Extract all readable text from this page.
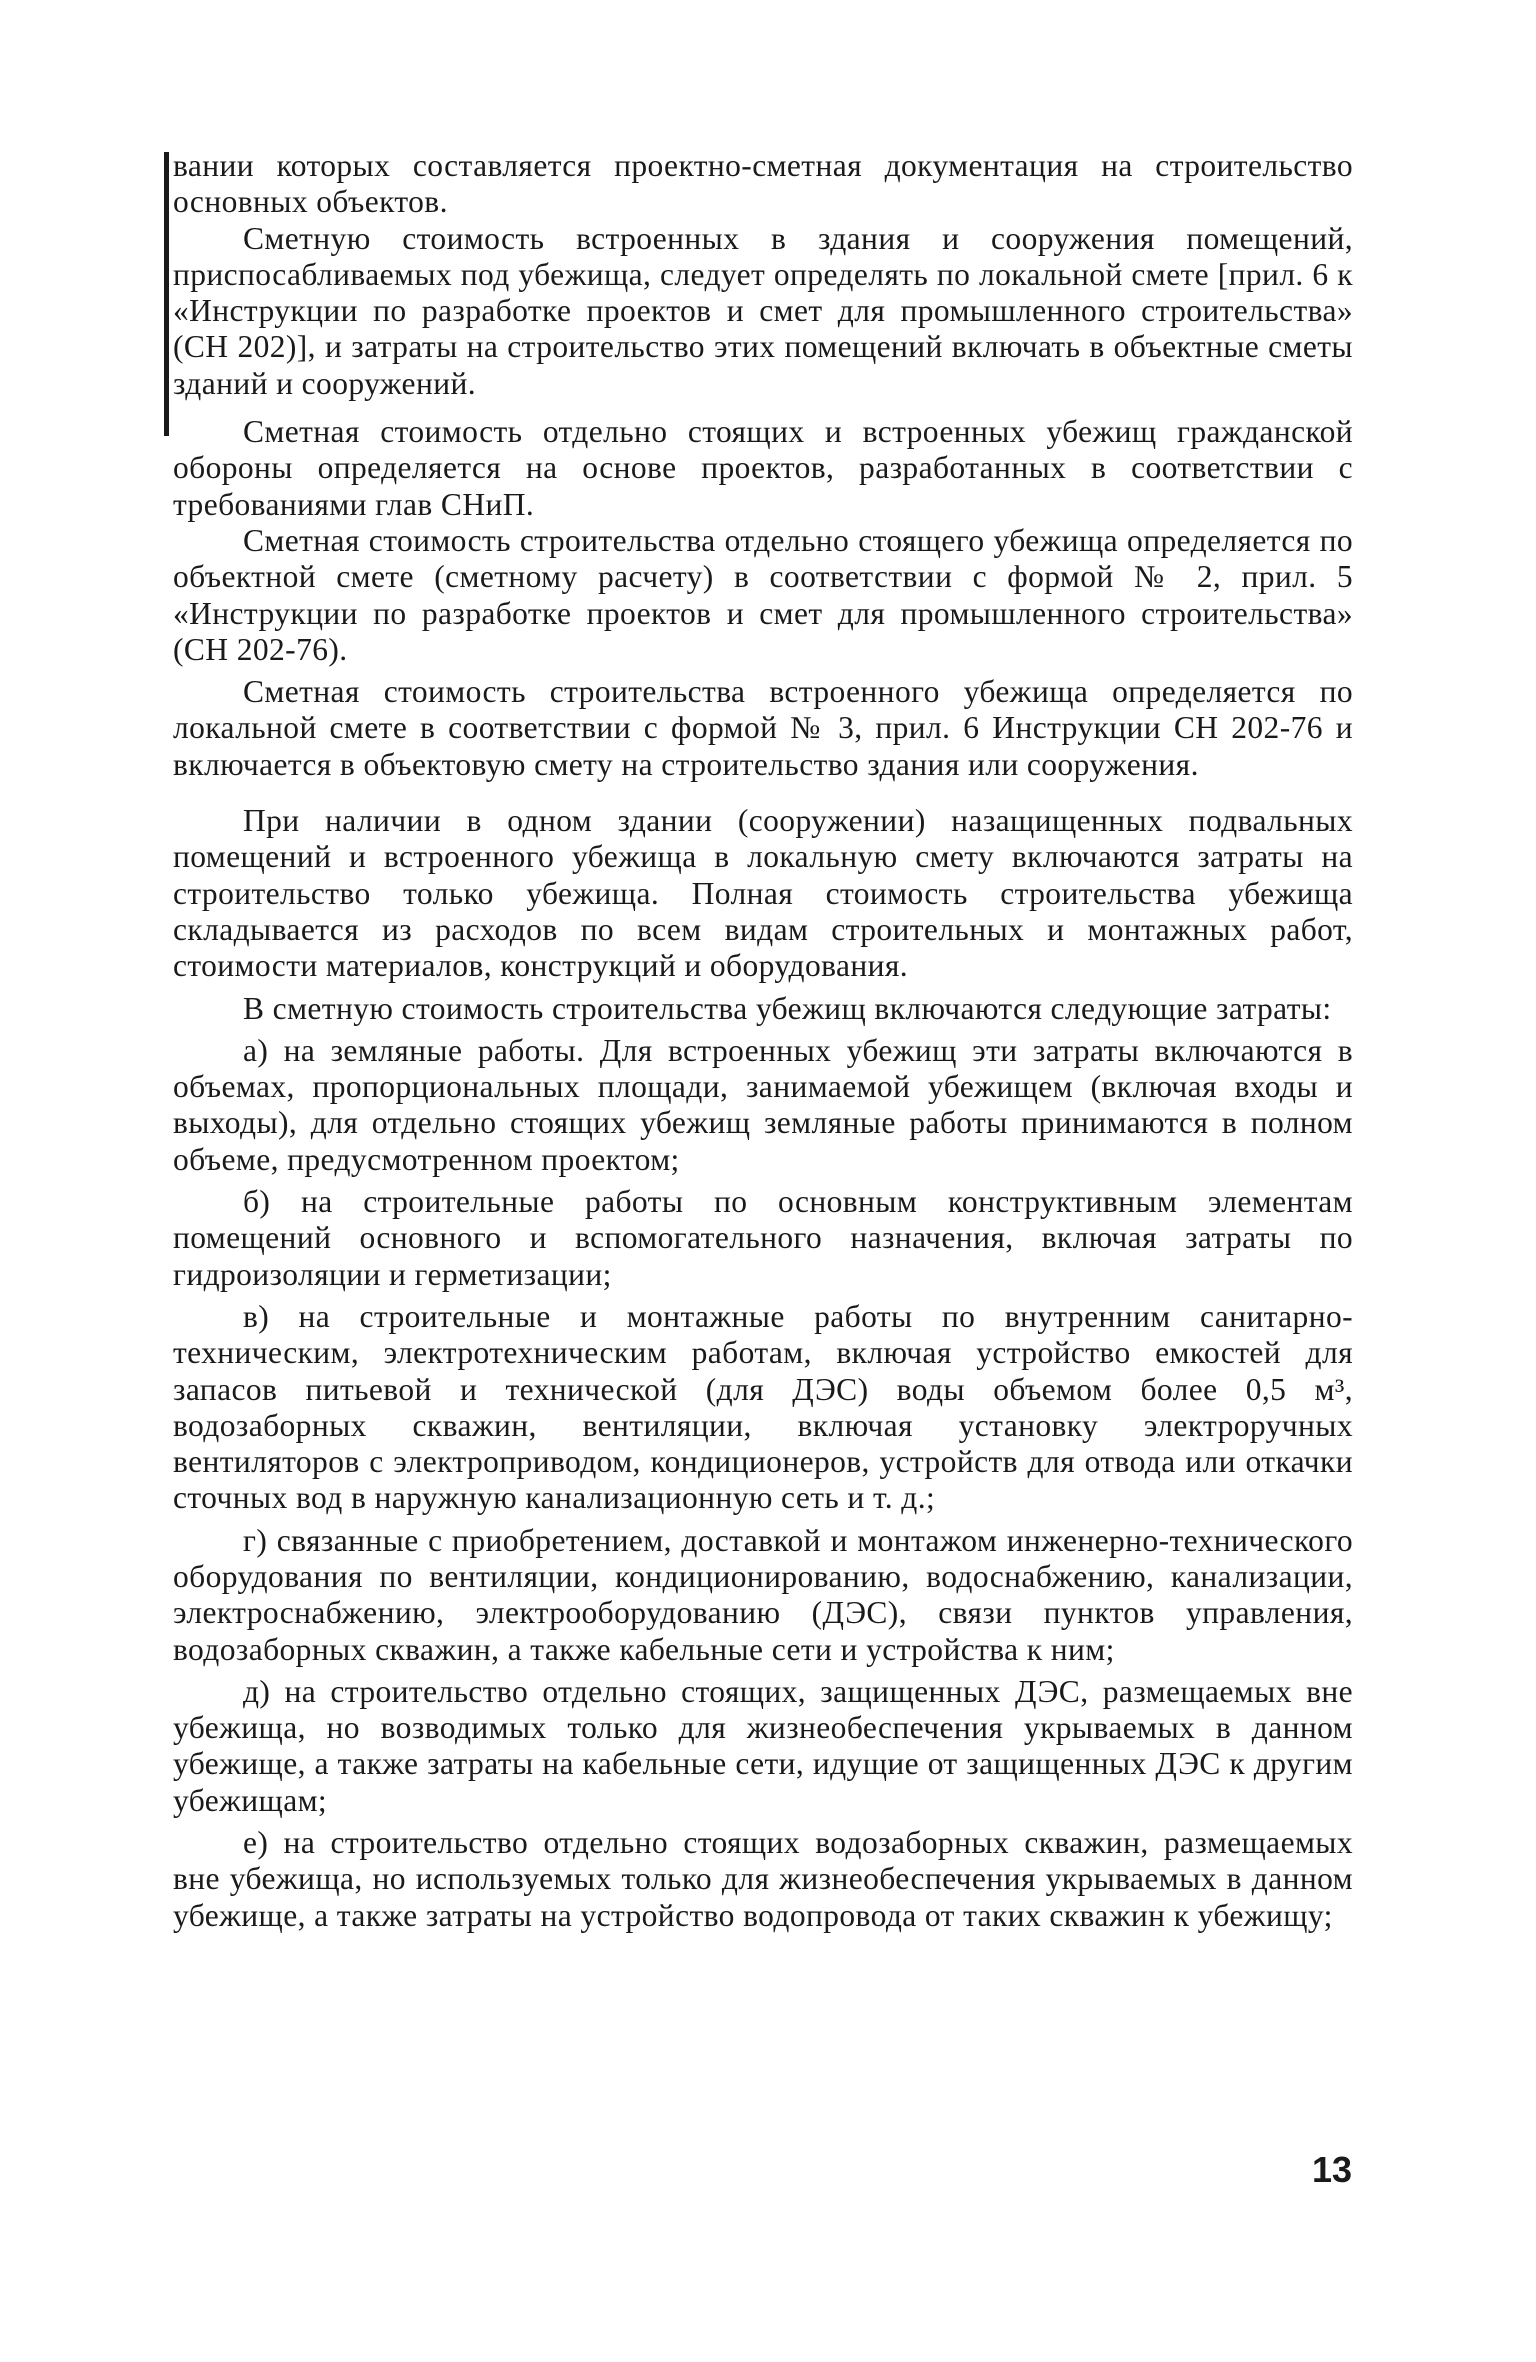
вании которых составляется проектно-сметная документация на строительство основных объектов.

Сметную стоимость встроенных в здания и сооружения помещений, приспосабливаемых под убежища, следует определять по локальной смете [прил. 6 к «Инструкции по разработке проектов и смет для промышленного строительства» (СН 202)], и затраты на строительство этих помещений включать в объектные сметы зданий и сооружений.

Сметная стоимость отдельно стоящих и встроенных убежищ гражданской обороны определяется на основе проектов, разработанных в соответствии с требованиями глав СНиП.

Сметная стоимость строительства отдельно стоящего убежища определяется по объектной смете (сметному расчету) в соответствии с формой № 2, прил. 5 «Инструкции по разработке проектов и смет для промышленного строительства» (СН 202-76).

Сметная стоимость строительства встроенного убежища определяется по локальной смете в соответствии с формой № 3, прил. 6 Инструкции СН 202-76 и включается в объектовую смету на строительство здания или сооружения.

При наличии в одном здании (сооружении) назащищенных подвальных помещений и встроенного убежища в локальную смету включаются затраты на строительство только убежища. Полная стоимость строительства убежища складывается из расходов по всем видам строительных и монтажных работ, стоимости материалов, конструкций и оборудования.

В сметную стоимость строительства убежищ включаются следующие затраты:

а) на земляные работы. Для встроенных убежищ эти затраты включаются в объемах, пропорциональных площади, занимаемой убежищем (включая входы и выходы), для отдельно стоящих убежищ земляные работы принимаются в полном объеме, предусмотренном проектом;

б) на строительные работы по основным конструктивным элементам помещений основного и вспомогательного назначения, включая затраты по гидроизоляции и герметизации;

в) на строительные и монтажные работы по внутренним санитарно-техническим, электротехническим работам, включая устройство емкостей для запасов питьевой и технической (для ДЭС) воды объемом более 0,5 м³, водозаборных скважин, вентиляции, включая установку электроручных вентиляторов с электроприводом, кондиционеров, устройств для отвода или откачки сточных вод в наружную канализационную сеть и т. д.;

г) связанные с приобретением, доставкой и монтажом инженерно-технического оборудования по вентиляции, кондиционированию, водоснабжению, канализации, электроснабжению, электрооборудованию (ДЭС), связи пунктов управления, водозаборных скважин, а также кабельные сети и устройства к ним;

д) на строительство отдельно стоящих, защищенных ДЭС, размещаемых вне убежища, но возводимых только для жизнеобеспечения укрываемых в данном убежище, а также затраты на кабельные сети, идущие от защищенных ДЭС к другим убежищам;

е) на строительство отдельно стоящих водозаборных скважин, размещаемых вне убежища, но используемых только для жизнеобеспечения укрываемых в данном убежище, а также затраты на устройство водопровода от таких скважин к убежищу;

13
